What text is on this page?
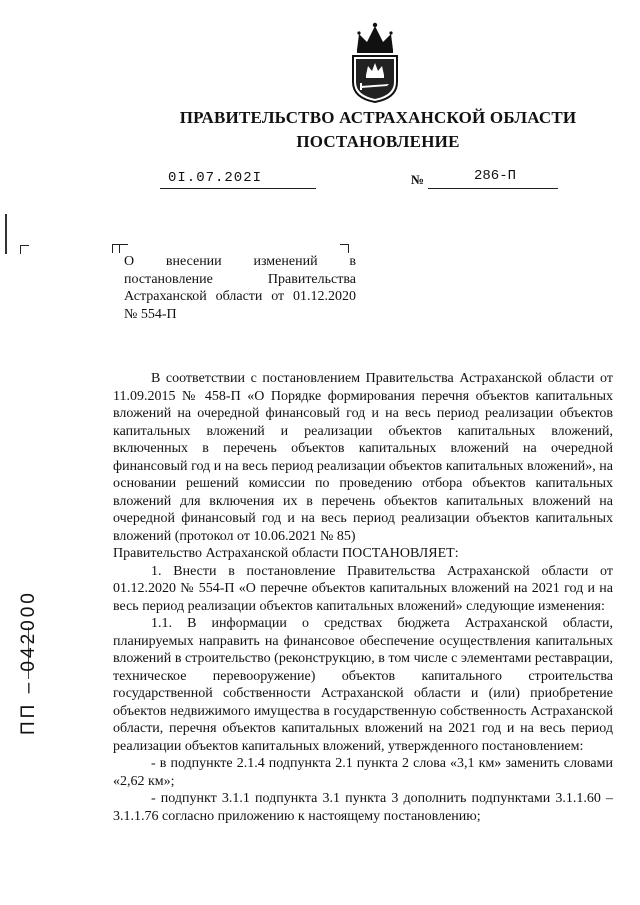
ПРАВИТЕЛЬСТВО АСТРАХАНСКОЙ ОБЛАСТИ
ПОСТАНОВЛЕНИЕ
0I.07.202I	№	286-П
О внесении изменений в постановление Правительства Астраханской области от 01.12.2020 № 554-П

В соответствии с постановлением Правительства Астраханской области от 11.09.2015 № 458-П «О Порядке формирования перечня объектов капитальных вложений на очередной финансовый год и на весь период реализации объектов капитальных вложений и реализации объектов капитальных вложений, включенных в перечень объектов капитальных вложений на очередной финансовый год и на весь период реализации объектов капитальных вложений», на основании решений комиссии по проведению отбора объектов капитальных вложений для включения их в перечень объектов капитальных вложений на очередной финансовый год и на весь период реализации объектов капитальных вложений (протокол от 10.06.2021 № 85)

Правительство Астраханской области ПОСТАНОВЛЯЕТ:

1. Внести в постановление Правительства Астраханской области от 01.12.2020 № 554-П «О перечне объектов капитальных вложений на 2021 год и на весь период реализации объектов капитальных вложений» следующие изменения:

1.1. В информации о средствах бюджета Астраханской области, планируемых направить на финансовое обеспечение осуществления капитальных вложений в строительство (реконструкцию, в том числе с элементами реставрации, техническое перевооружение) объектов капитального строительства государственной собственности Астраханской области и (или) приобретение объектов недвижимого имущества в государственную собственность Астраханской области, перечня объектов капитальных вложений на 2021 год и на весь период реализации объектов капитальных вложений, утвержденного постановлением:

- в подпункте 2.1.4 подпункта 2.1 пункта 2 слова «3,1 км» заменить словами «2,62 км»;

- подпункт 3.1.1 подпункта 3.1 пункта 3 дополнить подпунктами 3.1.1.60 – 3.1.1.76 согласно приложению к настоящему постановлению;

ПП – 042000
